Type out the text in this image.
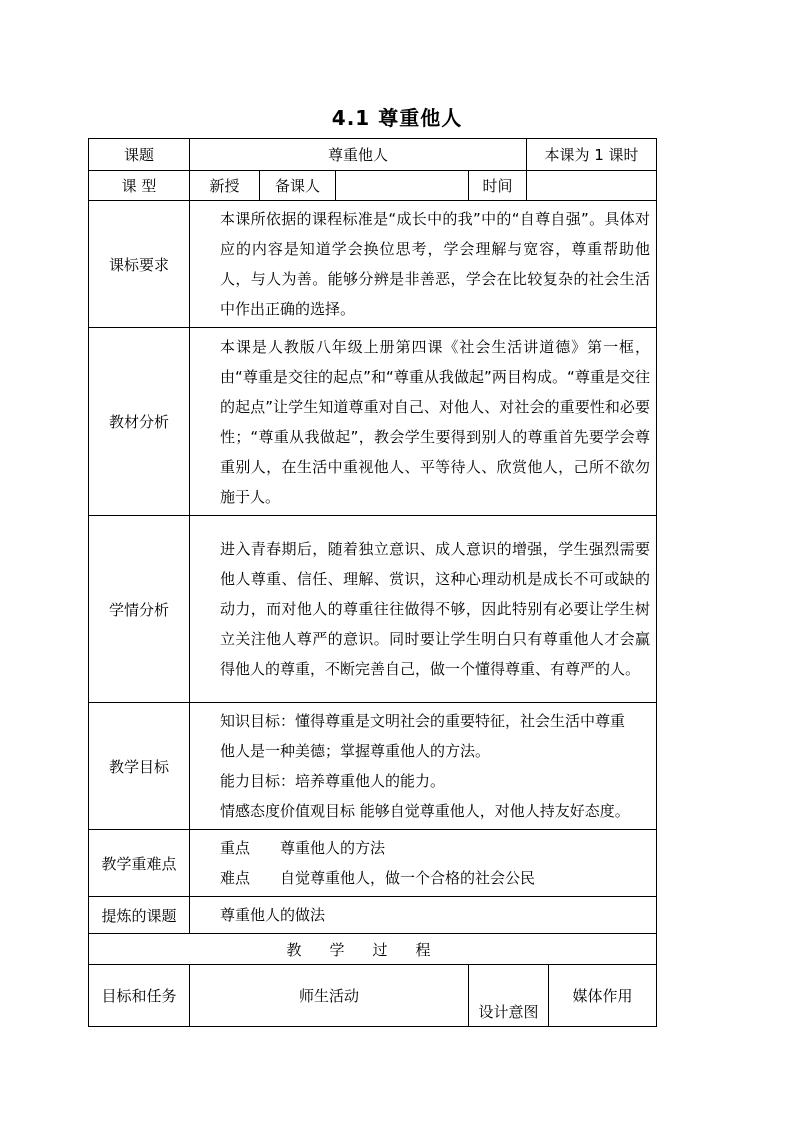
4.1 尊重他人
课题	尊重他人				本课为 1 课时	
课 型	新授	备课人		时间		
课标要求	本课所依据的课程标准是“成长中的我”中的“自尊自强”。具体对应的内容是知道学会换位思考，学会理解与宽容，尊重帮助他人，与人为善。能够分辨是非善恶，学会在比较复杂的社会生活中作出正确的选择。					
教材分析	本课是人教版八年级上册第四课《社会生活讲道德》第一框，由“尊重是交往的起点”和“尊重从我做起”两目构成。“尊重是交往的起点”让学生知道尊重对自己、对他人、对社会的重要性和必要性；“尊重从我做起”，教会学生要得到别人的尊重首先要学会尊重别人，在生活中重视他人、平等待人、欣赏他人，己所不欲勿施于人。					
学情分析	进入青春期后，随着独立意识、成人意识的增强，学生强烈需要他人尊重、信任、理解、赏识，这种心理动机是成长不可或缺的动力，而对他人的尊重往往做得不够，因此特别有必要让学生树立关注他人尊严的意识。同时要让学生明白只有尊重他人才会赢得他人的尊重，不断完善自己，做一个懂得尊重、有尊严的人。					
教学目标	知识目标：懂得尊重是文明社会的重要特征，社会生活中尊重
他人是一种美德；掌握尊重他人的方法。
能力目标：培养尊重他人的能力。
情感态度价值观目标 能够自觉尊重他人，对他人持友好态度。					

教学重难点	重点 尊重他人的方法
难点 自觉尊重他人，做一个合格的社会公民					

提炼的课题	尊重他人的做法					
教学过程						
目标和任务	师生活动			设计意图		媒体作用
